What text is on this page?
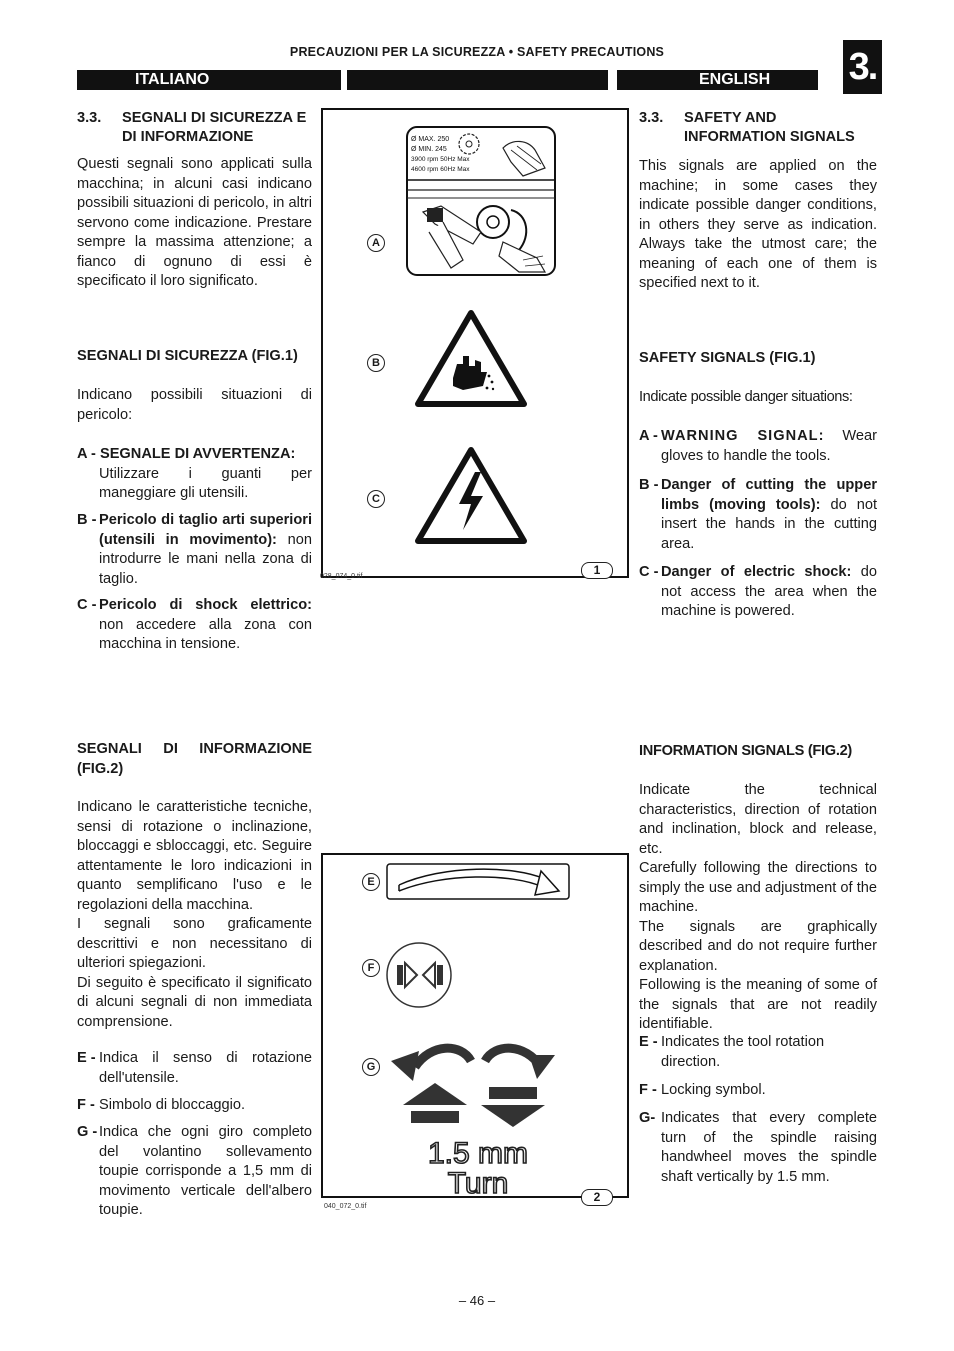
PRECAUZIONI PER LA SICUREZZA • SAFETY PRECAUTIONS
ITALIANO	ENGLISH	3.
3.3.	SEGNALI DI SICUREZZA E DI INFORMAZIONE
Questi segnali sono applicati sulla macchina; in alcuni casi indicano possibili situazioni di pericolo, in altri servono come indicazione. Prestare sempre la massima attenzione; a fianco di ognuno di essi è specificato il loro significato.
SEGNALI DI SICUREZZA (FIG.1)
Indicano possibili situazioni di pericolo:
A - SEGNALE DI AVVERTENZA:
Utilizzare i guanti per maneggiare gli utensili.
B - Pericolo di taglio arti superiori (utensili in movimento): non introdurre le mani nella zona di taglio.
C - Pericolo di shock elettrico: non accedere alla zona con macchina in tensione.
SEGNALI DI INFORMAZIONE (FIG.2)
Indicano le caratteristiche tecniche, sensi di rotazione o inclinazione, bloccaggi e sbloccaggi, etc. Seguire attentamente le loro indicazioni in quanto semplificano l'uso e le regolazioni della macchina.
I segnali sono graficamente descrittivi e non necessitano di ulteriori spiegazioni.
Di seguito è specificato il significato di alcuni segnali di non immediata comprensione.
E - Indica il senso di rotazione dell'utensile.
F - Simbolo di bloccaggio.
G - Indica che ogni giro completo del volantino sollevamento toupie corrisponde a 1,5 mm di movimento verticale dell'albero toupie.
Ø MAX. 250
Ø MIN. 245
3900 rpm 50Hz Max
4600 rpm 60Hz Max
A
B
C
1
028_074_0.tif
1.5 mm
Turn
E
F
G
2
040_072_0.tif
3.3.	SAFETY AND INFORMATION SIGNALS
This signals are applied on the machine; in some cases they indicate possible danger conditions, in others they serve as indication. Always take the utmost care; the meaning of each one of them is specified next to it.
SAFETY SIGNALS (FIG.1)
Indicate possible danger situations:
A - WARNING SIGNAL: Wear gloves to handle the tools.
B - Danger of cutting the upper limbs (moving tools): do not insert the hands in the cutting area.
C - Danger of electric shock: do not access the area when the machine is powered.
INFORMATION SIGNALS (FIG.2)
Indicate the technical characteristics, direction of rotation and inclination, block and release, etc.
Carefully following the directions to simply the use and adjustment of the machine.
The signals are graphically described and do not require further explanation.
Following is the meaning of some of the signals that are not readily identifiable.
E - Indicates the tool rotation direction.
F - Locking symbol.
G- Indicates that every complete turn of the spindle raising handwheel moves the spindle shaft vertically by 1.5 mm.
– 46 –
